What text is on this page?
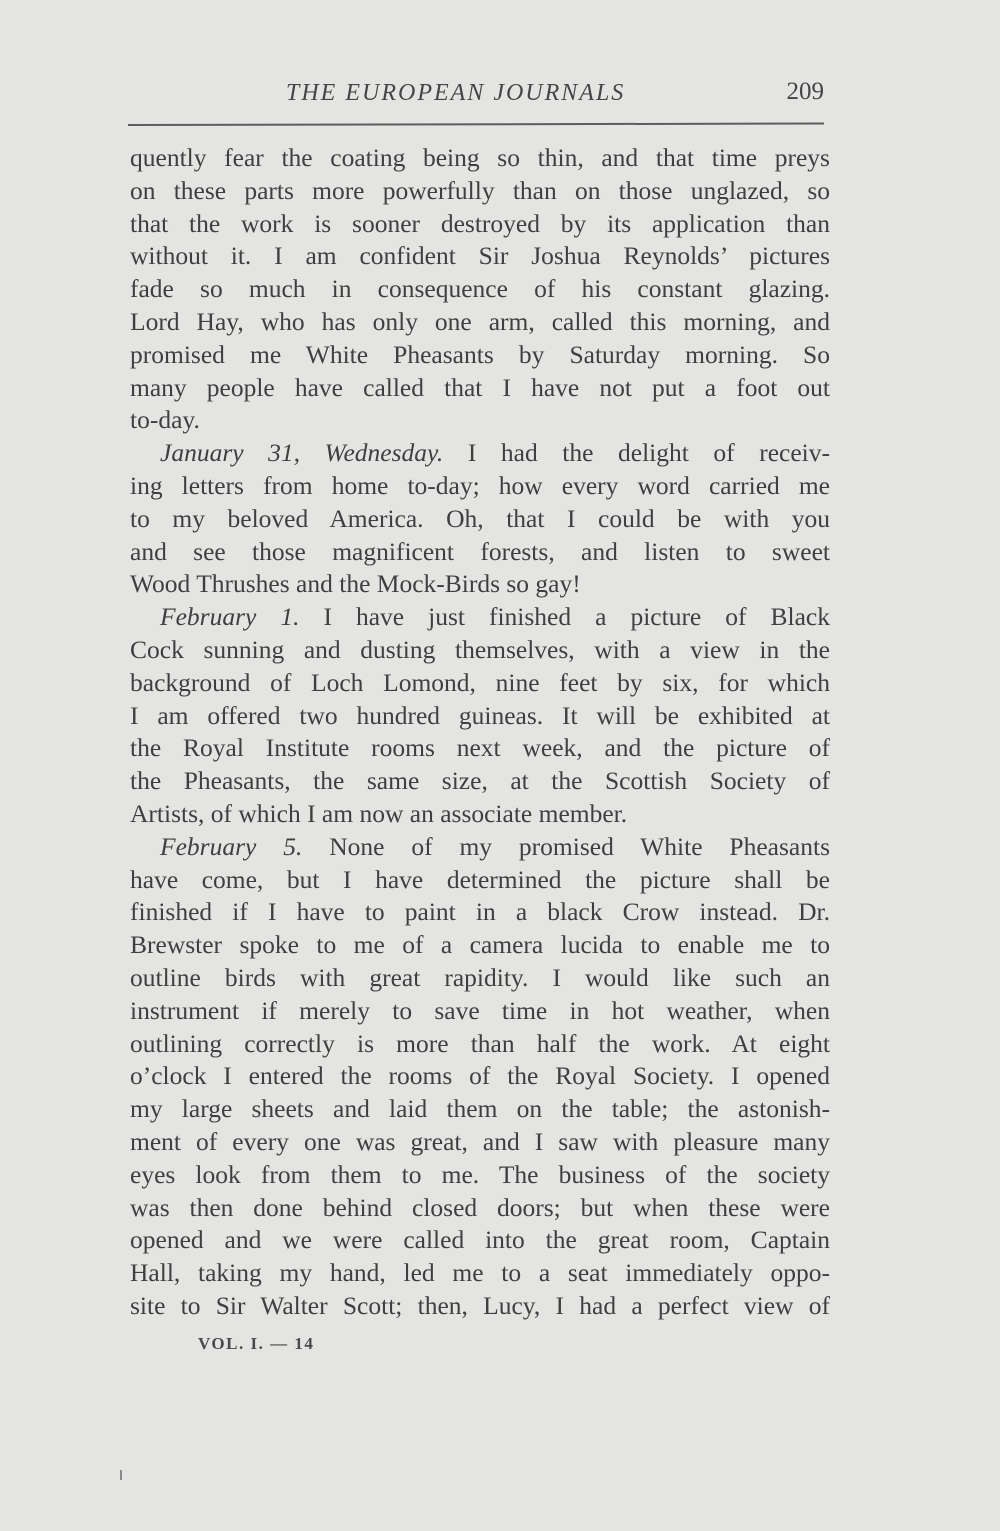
THE EUROPEAN JOURNALS	209
quently fear the coating being so thin, and that time preys
on these parts more powerfully than on those unglazed, so
that the work is sooner destroyed by its application than
without it. I am confident Sir Joshua Reynolds’ pictures
fade so much in consequence of his constant glazing.
Lord Hay, who has only one arm, called this morning, and
promised me White Pheasants by Saturday morning. So
many people have called that I have not put a foot out
to-day.
January 31, Wednesday. I had the delight of receiv-
ing letters from home to-day; how every word carried me
to my beloved America. Oh, that I could be with you
and see those magnificent forests, and listen to sweet
Wood Thrushes and the Mock-Birds so gay!
February 1. I have just finished a picture of Black
Cock sunning and dusting themselves, with a view in the
background of Loch Lomond, nine feet by six, for which
I am offered two hundred guineas. It will be exhibited at
the Royal Institute rooms next week, and the picture of
the Pheasants, the same size, at the Scottish Society of
Artists, of which I am now an associate member.
February 5. None of my promised White Pheasants
have come, but I have determined the picture shall be
finished if I have to paint in a black Crow instead. Dr.
Brewster spoke to me of a camera lucida to enable me to
outline birds with great rapidity. I would like such an
instrument if merely to save time in hot weather, when
outlining correctly is more than half the work. At eight
o’clock I entered the rooms of the Royal Society. I opened
my large sheets and laid them on the table; the astonish-
ment of every one was great, and I saw with pleasure many
eyes look from them to me. The business of the society
was then done behind closed doors; but when these were
opened and we were called into the great room, Captain
Hall, taking my hand, led me to a seat immediately oppo-
site to Sir Walter Scott; then, Lucy, I had a perfect view of
VOL. I. — 14
